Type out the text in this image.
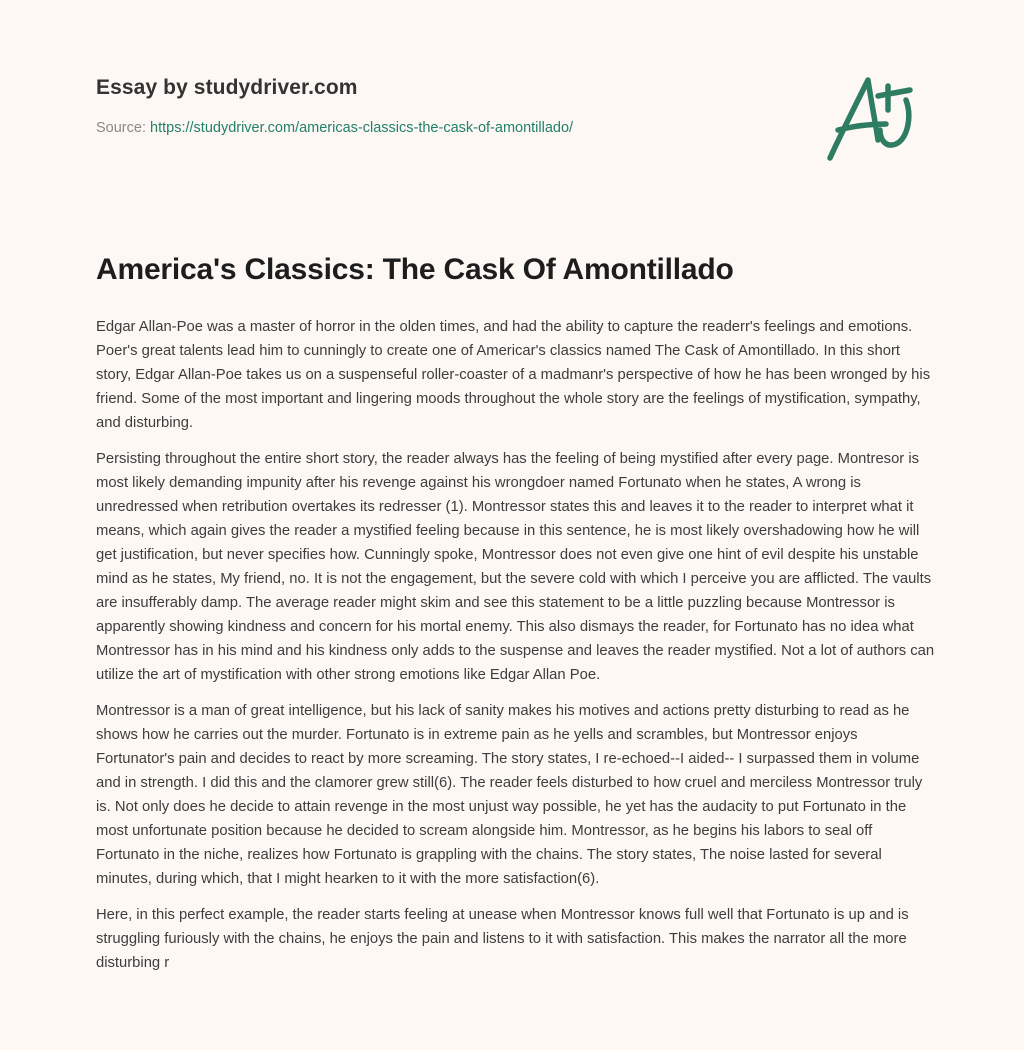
Essay by studydriver.com
Source: https://studydriver.com/americas-classics-the-cask-of-amontillado/
America's Classics: The Cask Of Amontillado

Edgar Allan-Poe was a master of horror in the olden times, and had the ability to capture the readerr's feelings and emotions. Poer's great talents lead him to cunningly to create one of Americar's classics named The Cask of Amontillado. In this short story, Edgar Allan-Poe takes us on a suspenseful roller-coaster of a madmanr's perspective of how he has been wronged by his friend. Some of the most important and lingering moods throughout the whole story are the feelings of mystification, sympathy, and disturbing.

Persisting throughout the entire short story, the reader always has the feeling of being mystified after every page. Montresor is most likely demanding impunity after his revenge against his wrongdoer named Fortunato when he states, A wrong is unredressed when retribution overtakes its redresser (1). Montressor states this and leaves it to the reader to interpret what it means, which again gives the reader a mystified feeling because in this sentence, he is most likely overshadowing how he will get justification, but never specifies how. Cunningly spoke, Montressor does not even give one hint of evil despite his unstable mind as he states, My friend, no. It is not the engagement, but the severe cold with which I perceive you are afflicted. The vaults are insufferably damp. The average reader might skim and see this statement to be a little puzzling because Montressor is apparently showing kindness and concern for his mortal enemy. This also dismays the reader, for Fortunato has no idea what Montressor has in his mind and his kindness only adds to the suspense and leaves the reader mystified. Not a lot of authors can utilize the art of mystification with other strong emotions like Edgar Allan Poe.

Montressor is a man of great intelligence, but his lack of sanity makes his motives and actions pretty disturbing to read as he shows how he carries out the murder. Fortunato is in extreme pain as he yells and scrambles, but Montressor enjoys Fortunator's pain and decides to react by more screaming. The story states, I re-echoed--I aided-- I surpassed them in volume and in strength. I did this and the clamorer grew still(6). The reader feels disturbed to how cruel and merciless Montressor truly is. Not only does he decide to attain revenge in the most unjust way possible, he yet has the audacity to put Fortunato in the most unfortunate position because he decided to scream alongside him. Montressor, as he begins his labors to seal off Fortunato in the niche, realizes how Fortunato is grappling with the chains. The story states, The noise lasted for several minutes, during which, that I might hearken to it with the more satisfaction(6).

Here, in this perfect example, the reader starts feeling at unease when Montressor knows full well that Fortunato is up and is struggling furiously with the chains, he enjoys the pain and listens to it with satisfaction. This makes the narrator all the more disturbing r
